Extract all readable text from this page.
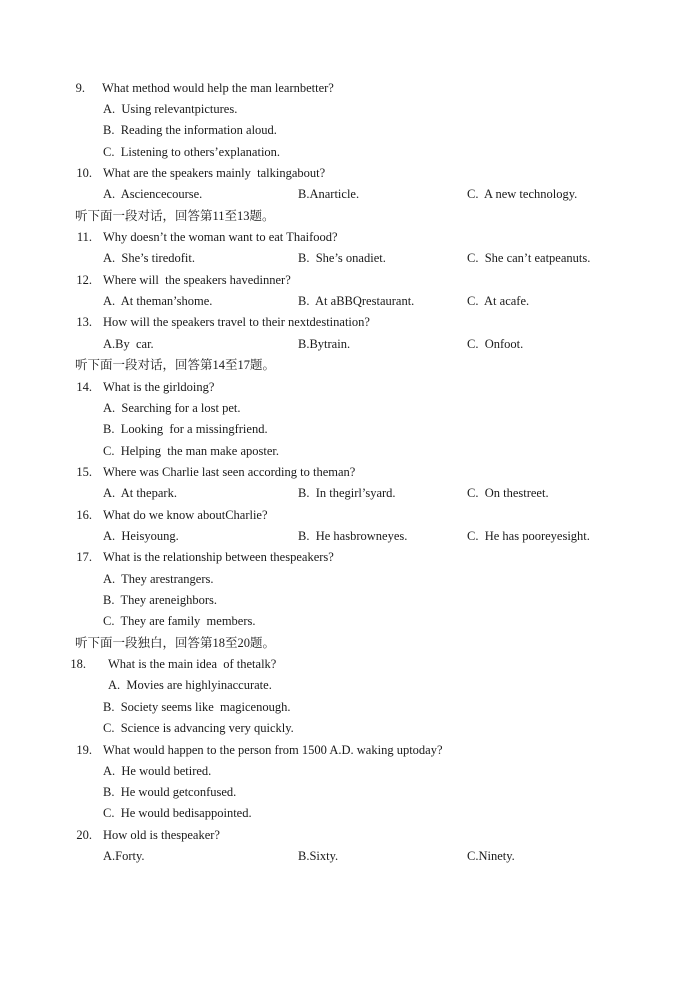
9. What method would help the man learnbetter?
A.  Using relevantpictures.
B.  Reading the information aloud.
C.  Listening to others’explanation.
10. What are the speakers mainly  talkingabout?
A.  Asciencecourse.	B.Anarticle.	C.  A new technology.
听下面一段对话，回答第11至13题。
11. Why doesn’t the woman want to eat Thaifood?
A.  She’s tiredofit.	B.  She’s onadiet.	C.  She can’t eatpeanuts.
12. Where will  the speakers havedinner?
A.  At theman’shome.	B.  At aBBQrestaurant.	C.  At acafe.
13. How will the speakers travel to their nextdestination?
A.By  car.	B.Bytrain.	C.  Onfoot.
听下面一段对话，回答第14至17题。
14. What is the girldoing?
A.  Searching for a lost pet.
B.  Looking  for a missingfriend.
C.  Helping  the man make aposter.
15. Where was Charlie last seen according to theman?
A.  At thepark.	B.  In thegirl’syard.	C.  On thestreet.
16. What do we know aboutCharlie?
A.  Heisyoung.	B.  He hasbrowneyes.	C.  He has pooreyesight.
17. What is the relationship between thespeakers?
A.  They arestrangers.
B.  They areneighbors.
C.  They are family  members.
听下面一段独白，回答第18至20题。
18. What is the main idea  of thetalk?
A.  Movies are highlyinaccurate.
B.  Society seems like  magicenough.
C.  Science is advancing very quickly.
19. What would happen to the person from 1500 A.D. waking uptoday?
A.  He would betired.
B.  He would getconfused.
C.  He would bedisappointed.
20. How old is thespeaker?
A.Forty.	B.Sixty.	C.Ninety.
